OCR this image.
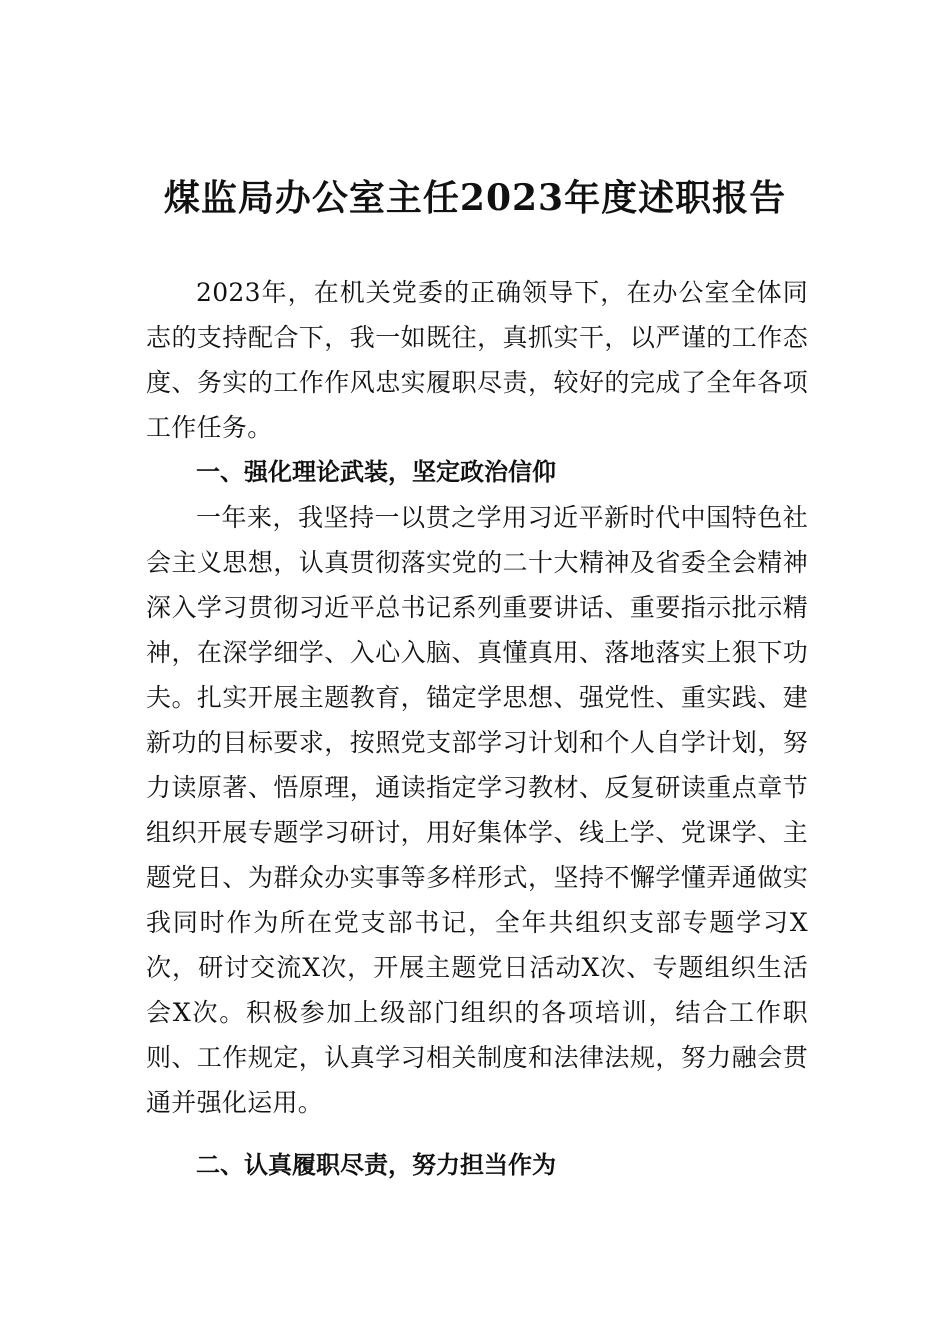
煤监局办公室主任2023年度述职报告

2023年，在机关党委的正确领导下，在办公室全体同志的支持配合下，我一如既往，真抓实干，以严谨的工作态度、务实的工作作风忠实履职尽责，较好的完成了全年各项工作任务。

一、强化理论武装，坚定政治信仰

一年来，我坚持一以贯之学用习近平新时代中国特色社会主义思想，认真贯彻落实党的二十大精神及省委全会精神深入学习贯彻习近平总书记系列重要讲话、重要指示批示精神，在深学细学、入心入脑、真懂真用、落地落实上狠下功夫。扎实开展主题教育，锚定学思想、强党性、重实践、建新功的目标要求，按照党支部学习计划和个人自学计划，努力读原著、悟原理，通读指定学习教材、反复研读重点章节组织开展专题学习研讨，用好集体学、线上学、党课学、主题党日、为群众办实事等多样形式，坚持不懈学懂弄通做实我同时作为所在党支部书记，全年共组织支部专题学习X次，研讨交流X次，开展主题党日活动X次、专题组织生活会X次。积极参加上级部门组织的各项培训，结合工作职则、工作规定，认真学习相关制度和法律法规，努力融会贯通并强化运用。

二、认真履职尽责，努力担当作为
